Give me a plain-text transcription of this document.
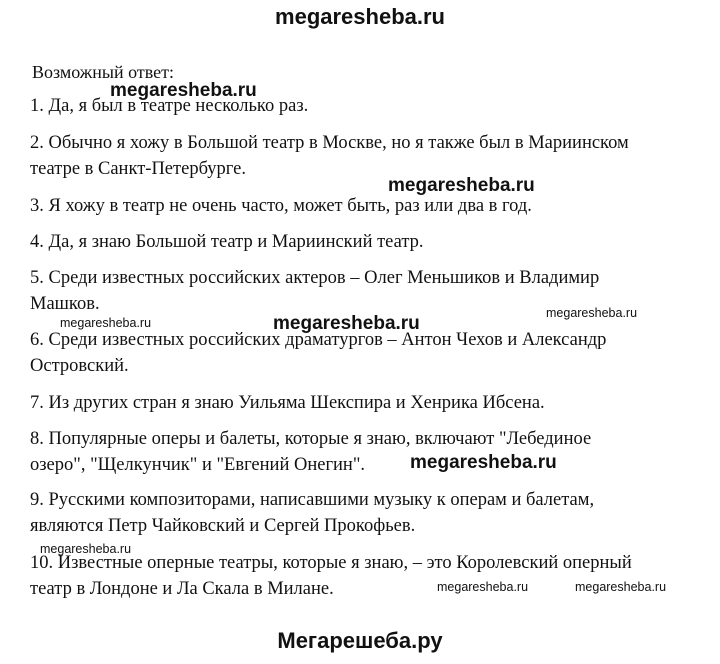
megaresheba.ru
Возможный ответ:
1. Да, я был в театре несколько раз.
2. Обычно я хожу в Большой театр в Москве, но я также был в Мариинском
театре в Санкт-Петербурге.
3. Я хожу в театр не очень часто, может быть, раз или два в год.
4. Да, я знаю Большой театр и Мариинский театр.
5. Среди известных российских актеров – Олег Меньшиков и Владимир
Машков.
6. Среди известных российских драматургов – Антон Чехов и Александр
Островский.
7. Из других стран я знаю Уильяма Шекспира и Хенрика Ибсена.
8. Популярные оперы и балеты, которые я знаю, включают "Лебединое
озеро", "Щелкунчик" и "Евгений Онегин".
9. Русскими композиторами, написавшими музыку к операм и балетам,
являются Петр Чайковский и Сергей Прокофьев.
10. Известные оперные театры, которые я знаю, – это Королевский оперный
театр в Лондоне и Ла Скала в Милане.
megaresheba.ru
megaresheba.ru
megaresheba.ru
megaresheba.ru
megaresheba.ru
megaresheba.ru
megaresheba.ru
megaresheba.ru	megaresheba.ru
Мегарешеба.ру
